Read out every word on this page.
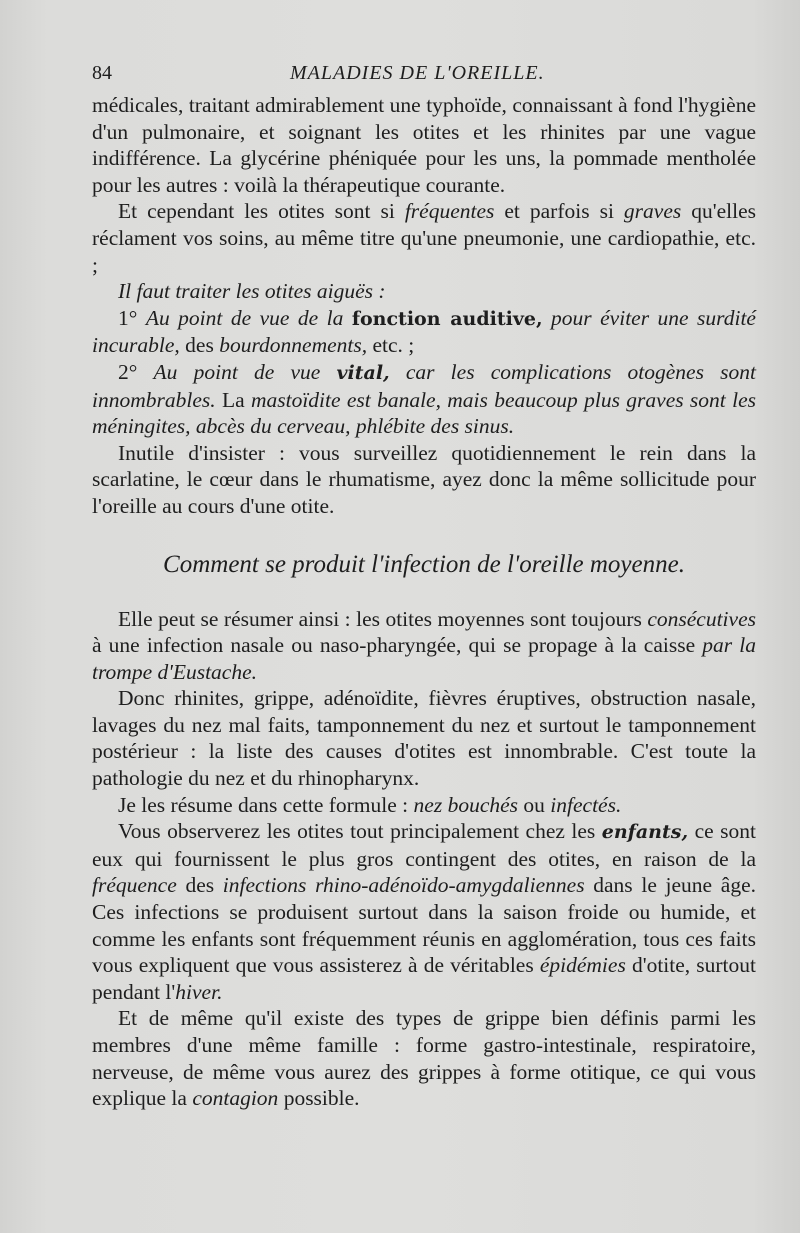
84	MALADIES DE L'OREILLE.

médicales, traitant admirablement une typhoïde, connaissant à fond l'hygiène d'un pulmonaire, et soignant les otites et les rhinites par une vague indifférence. La glycérine phéniquée pour les uns, la pommade mentholée pour les autres : voilà la thérapeutique courante.

Et cependant les otites sont si fréquentes et parfois si graves qu'elles réclament vos soins, au même titre qu'une pneumonie, une cardiopathie, etc. ;

Il faut traiter les otites aiguës :

1° Au point de vue de la fonction auditive, pour éviter une surdité incurable, des bourdonnements, etc. ;

2° Au point de vue vital, car les complications otogènes sont innombrables. La mastoïdite est banale, mais beaucoup plus graves sont les méningites, abcès du cerveau, phlébite des sinus.

Inutile d'insister : vous surveillez quotidiennement le rein dans la scarlatine, le cœur dans le rhumatisme, ayez donc la même sollicitude pour l'oreille au cours d'une otite.

Comment se produit l'infection de l'oreille moyenne.

Elle peut se résumer ainsi : les otites moyennes sont toujours consécutives à une infection nasale ou naso-pharyngée, qui se propage à la caisse par la trompe d'Eustache.

Donc rhinites, grippe, adénoïdite, fièvres éruptives, obstruction nasale, lavages du nez mal faits, tamponnement du nez et surtout le tamponnement postérieur : la liste des causes d'otites est innombrable. C'est toute la pathologie du nez et du rhinopharynx.

Je les résume dans cette formule : nez bouchés ou infectés.

Vous observerez les otites tout principalement chez les enfants, ce sont eux qui fournissent le plus gros contingent des otites, en raison de la fréquence des infections rhino-adénoïdo-amygdaliennes dans le jeune âge. Ces infections se produisent surtout dans la saison froide ou humide, et comme les enfants sont fréquemment réunis en agglomération, tous ces faits vous expliquent que vous assisterez à de véritables épidémies d'otite, surtout pendant l'hiver.

Et de même qu'il existe des types de grippe bien définis parmi les membres d'une même famille : forme gastro-intestinale, respiratoire, nerveuse, de même vous aurez des grippes à forme otitique, ce qui vous explique la contagion possible.
